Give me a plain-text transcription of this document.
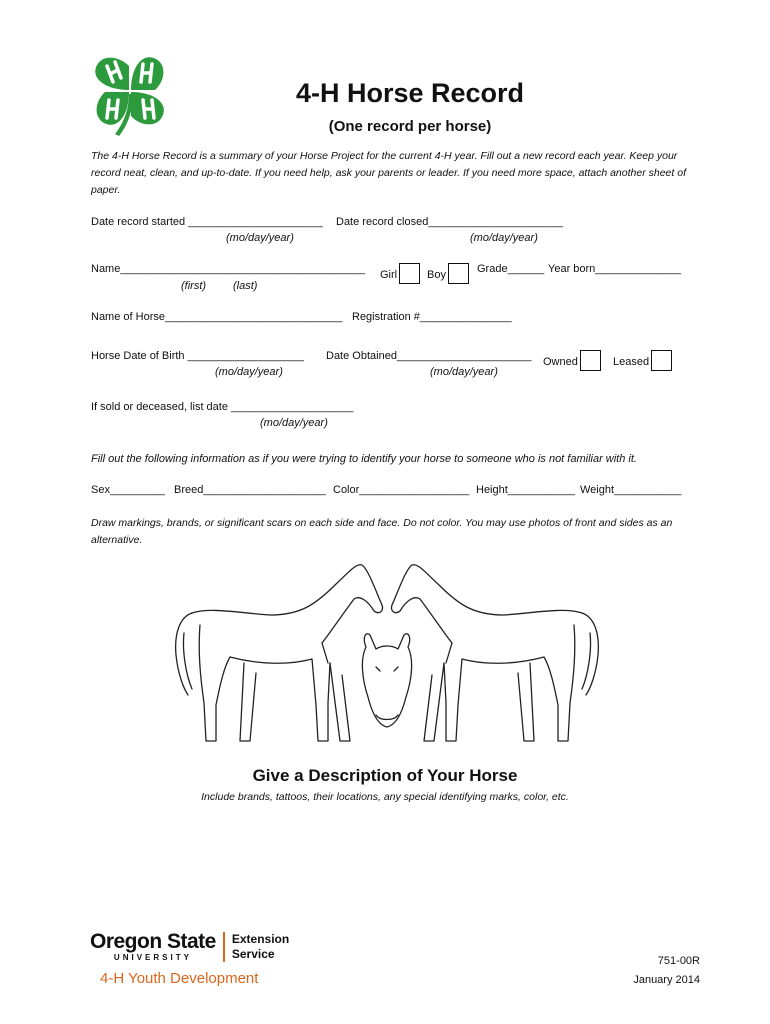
4-H Horse Record
(One record per horse)
The 4-H Horse Record is a summary of your Horse Project for the current 4-H year. Fill out a new record each year. Keep your record neat, clean, and up-to-date. If you need help, ask your parents or leader. If you need more space, attach another sheet of paper.
Date record started ______________________ Date record closed______________________
(mo/day/year)	(mo/day/year)
Name________________________________________ Girl	Boy	Grade______ Year born______________
(first) (last)
Name of Horse_____________________________ Registration #_______________
Horse Date of Birth ___________________ Date Obtained______________________ Owned	Leased
(mo/day/year)	(mo/day/year)
If sold or deceased, list date ____________________
(mo/day/year)
Fill out the following information as if you were trying to identify your horse to someone who is not familiar with it.
Sex_________ Breed____________________ Color__________________ Height___________ Weight___________
Draw markings, brands, or significant scars on each side and face. Do not color. You may use photos of front and sides as an alternative.
Give a Description of Your Horse
Include brands, tattoos, their locations, any special identifying marks, color, etc.
Oregon State
UNIVERSITY
Extension
Service
4-H Youth Development
751-00R
January 2014
